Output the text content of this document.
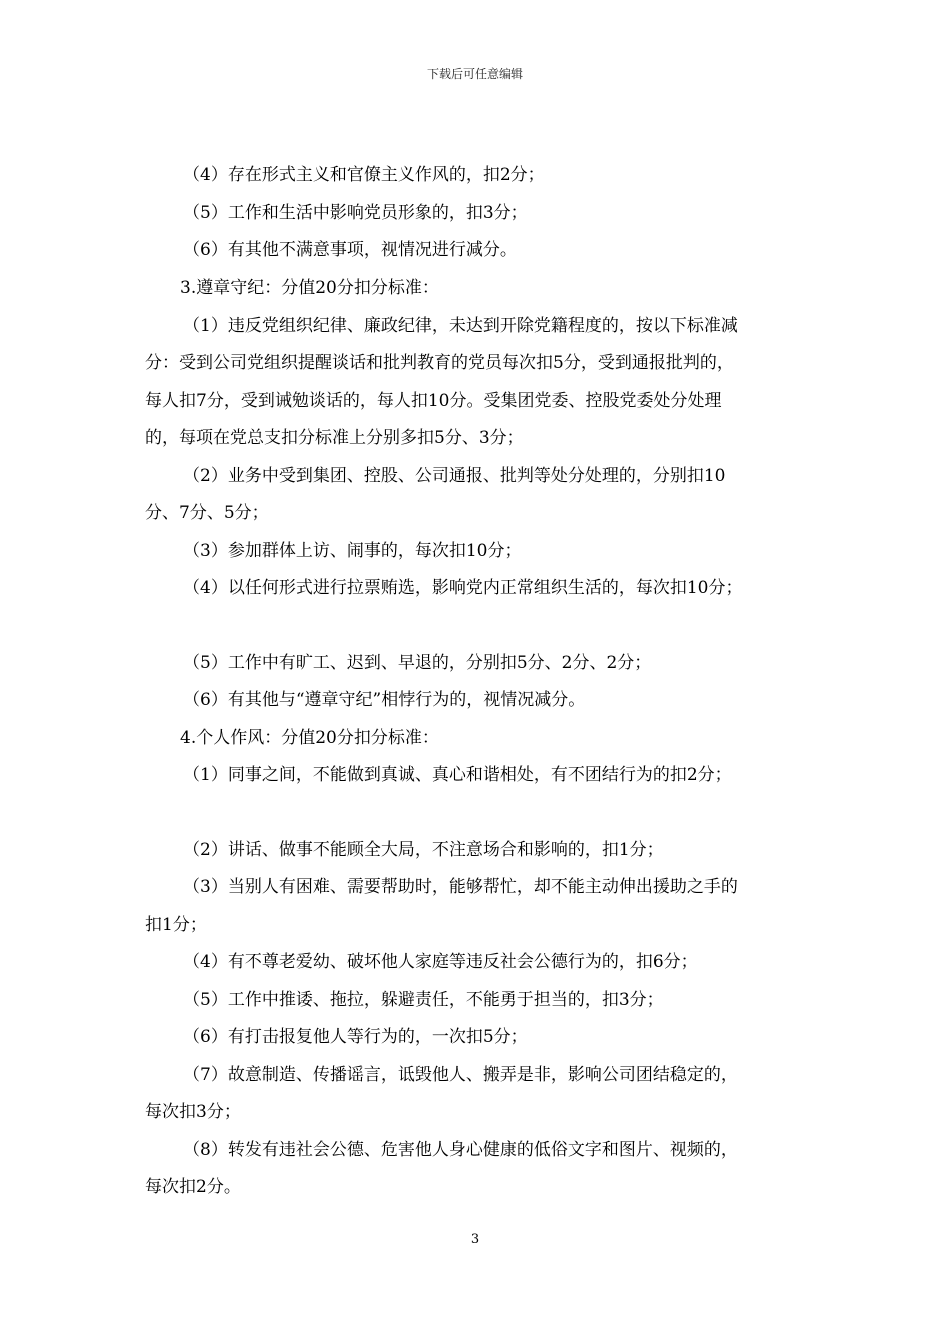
下载后可任意编辑
（4）存在形式主义和官僚主义作风的，扣2分；
（5）工作和生活中影响党员形象的，扣3分；
（6）有其他不满意事项，视情况进行减分。
3.遵章守纪：分值20分扣分标准：
（1）违反党组织纪律、廉政纪律，未达到开除党籍程度的，按以下标准减
分：受到公司党组织提醒谈话和批判教育的党员每次扣5分，受到通报批判的，
每人扣7分，受到诫勉谈话的，每人扣10分。受集团党委、控股党委处分处理
的，每项在党总支扣分标准上分别多扣5分、3分；
（2）业务中受到集团、控股、公司通报、批判等处分处理的，分别扣10
分、7分、5分；
（3）参加群体上访、闹事的，每次扣10分；
（4）以任何形式进行拉票贿选，影响党内正常组织生活的，每次扣10分；
（5）工作中有旷工、迟到、早退的，分别扣5分、2分、2分；
（6）有其他与“遵章守纪”相悖行为的，视情况减分。
4.个人作风：分值20分扣分标准：
（1）同事之间，不能做到真诚、真心和谐相处，有不团结行为的扣2分；
（2）讲话、做事不能顾全大局，不注意场合和影响的，扣1分；
（3）当别人有困难、需要帮助时，能够帮忙，却不能主动伸出援助之手的
扣1分；
（4）有不尊老爱幼、破坏他人家庭等违反社会公德行为的，扣6分；
（5）工作中推诿、拖拉，躲避责任，不能勇于担当的，扣3分；
（6）有打击报复他人等行为的，一次扣5分；
（7）故意制造、传播谣言，诋毁他人、搬弄是非，影响公司团结稳定的，
每次扣3分；
（8）转发有违社会公德、危害他人身心健康的低俗文字和图片、视频的，
每次扣2分。
3
